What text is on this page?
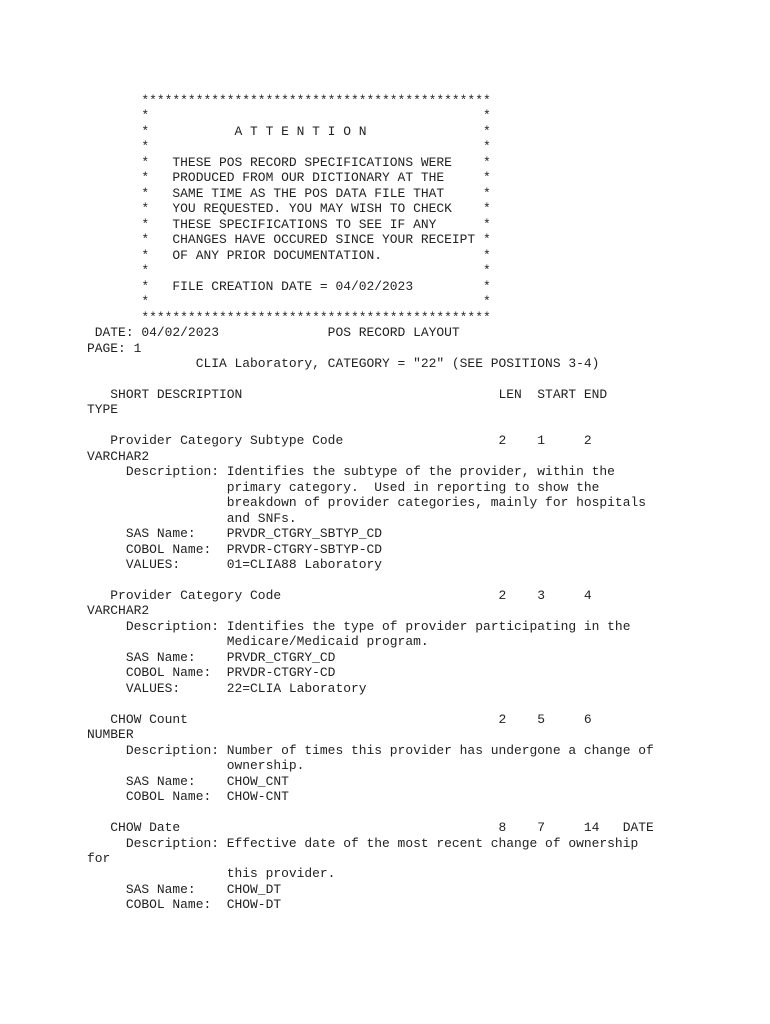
*********************************************
*                                           *
*           A T T E N T I O N               *
*                                           *
*   THESE POS RECORD SPECIFICATIONS WERE    *
*   PRODUCED FROM OUR DICTIONARY AT THE     *
*   SAME TIME AS THE POS DATA FILE THAT     *
*   YOU REQUESTED. YOU MAY WISH TO CHECK    *
*   THESE SPECIFICATIONS TO SEE IF ANY      *
*   CHANGES HAVE OCCURED SINCE YOUR RECEIPT *
*   OF ANY PRIOR DOCUMENTATION.             *
*                                           *
*   FILE CREATION DATE = 04/02/2023         *
*                                           *
*********************************************
DATE: 04/02/2023              POS RECORD LAYOUT
PAGE: 1
CLIA Laboratory, CATEGORY = "22" (SEE POSITIONS 3-4)
SHORT DESCRIPTION                                 LEN  START END
TYPE
Provider Category Subtype Code                    2    1     2
VARCHAR2
Description: Identifies the subtype of the provider, within the
primary category.  Used in reporting to show the
breakdown of provider categories, mainly for hospitals
and SNFs.
SAS Name:    PRVDR_CTGRY_SBTYP_CD
COBOL Name:  PRVDR-CTGRY-SBTYP-CD
VALUES:      01=CLIA88 Laboratory
Provider Category Code                            2    3     4
VARCHAR2
Description: Identifies the type of provider participating in the
Medicare/Medicaid program.
SAS Name:    PRVDR_CTGRY_CD
COBOL Name:  PRVDR-CTGRY-CD
VALUES:      22=CLIA Laboratory
CHOW Count                                        2    5     6
NUMBER
Description: Number of times this provider has undergone a change of
ownership.
SAS Name:    CHOW_CNT
COBOL Name:  CHOW-CNT
CHOW Date                                         8    7     14   DATE
Description: Effective date of the most recent change of ownership
for
this provider.
SAS Name:    CHOW_DT
COBOL Name:  CHOW-DT
